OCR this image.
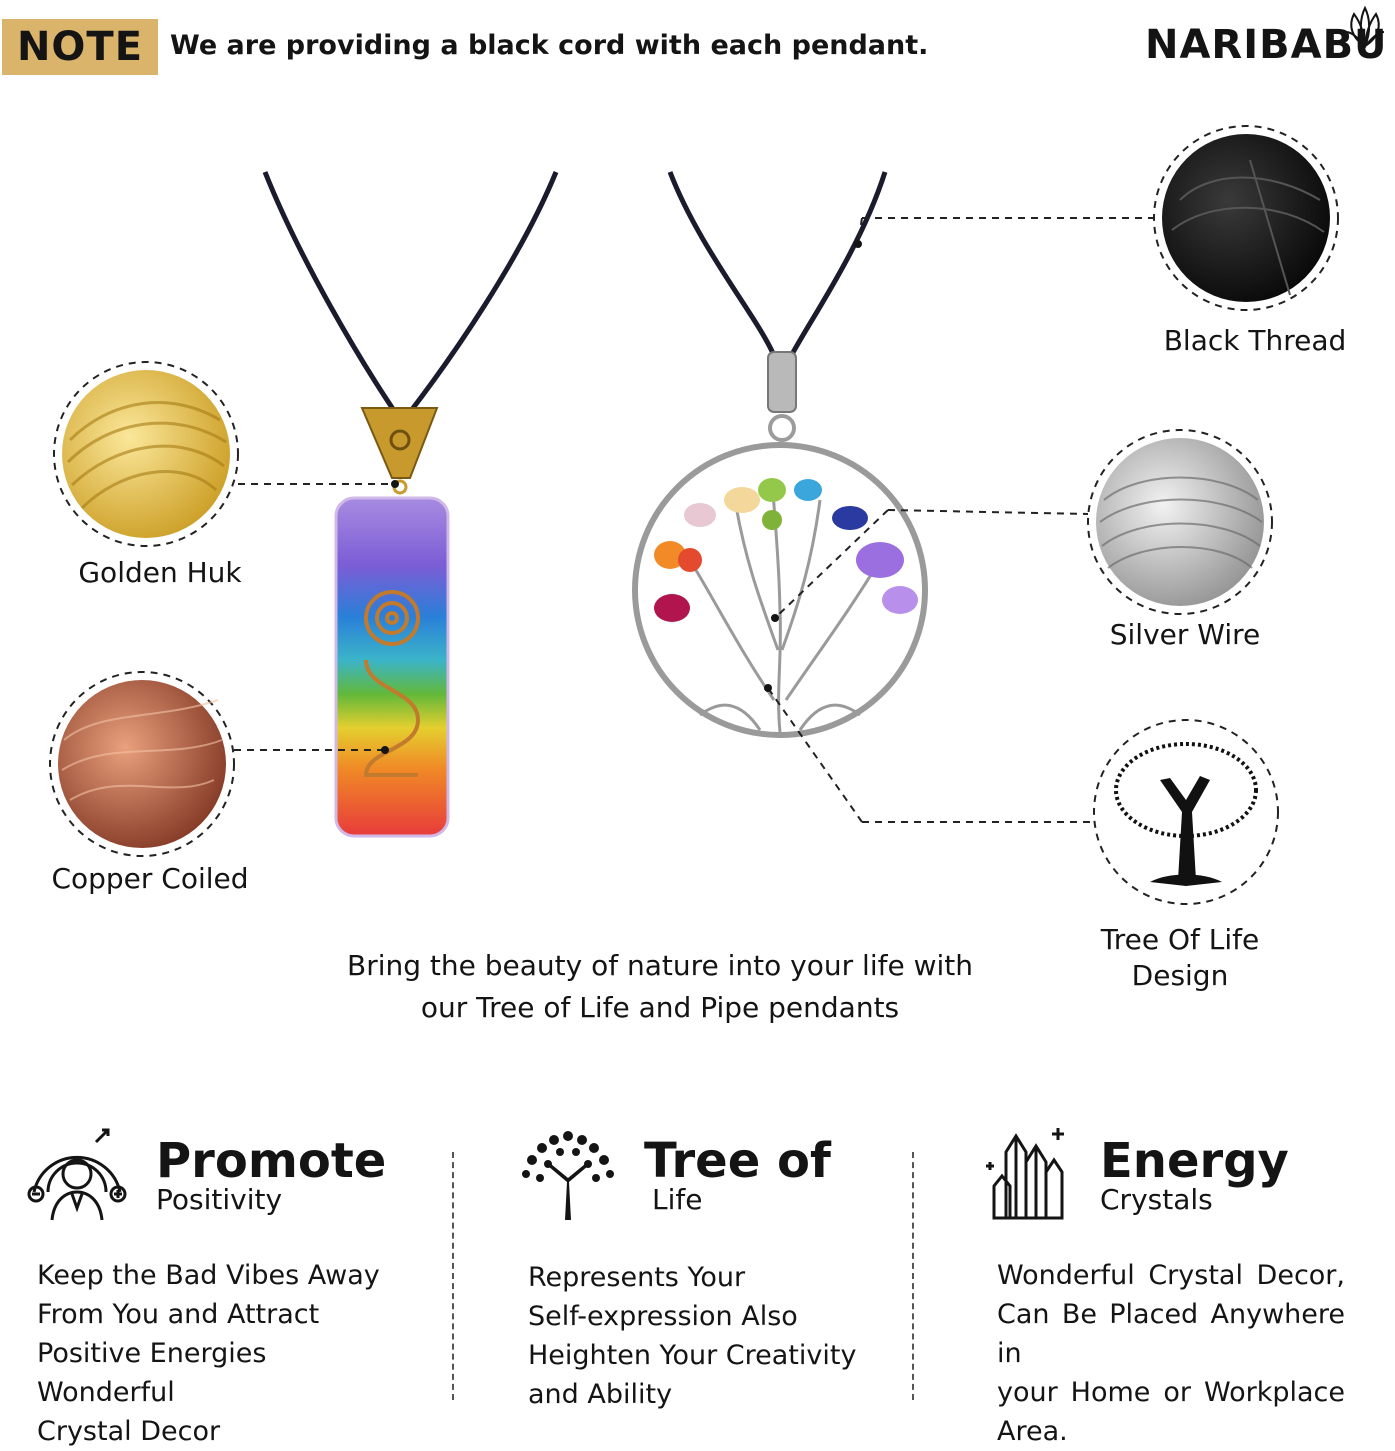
NOTE We are providing a black cord with each pendant.	NARIBABU
Golden Huk
Copper Coiled
Black Thread
Silver Wire
Tree Of Life
Design
Bring the beauty of nature into your life with
our Tree of Life and Pipe pendants
Promote
Positivity
Keep the Bad Vibes Away
From You and Attract
Positive Energies Wonderful
Crystal Decor
Tree of
Life
Represents Your
Self-expression Also
Heighten Your Creativity
and Ability
Energy
Crystals
Wonderful Crystal Decor,
Can Be Placed Anywhere in
your Home or Workplace
Area.
